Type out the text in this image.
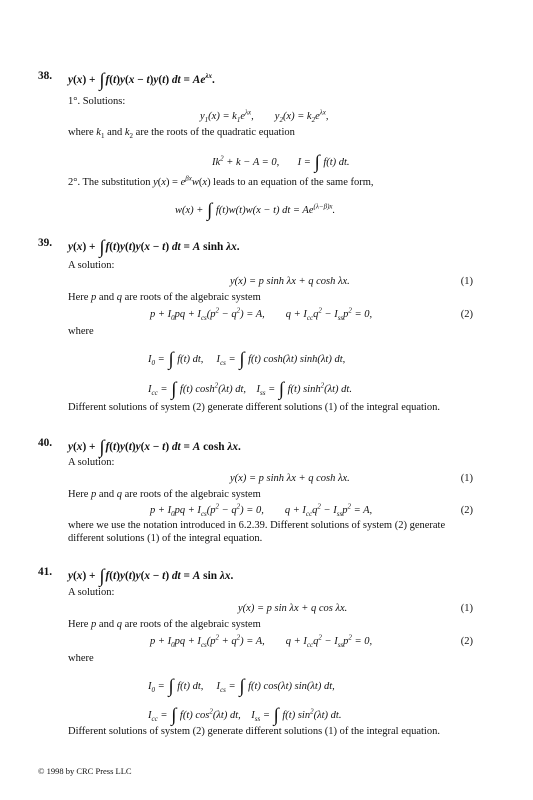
38. y(x) + ∫f(t)y(x − t)y(t) dt = $Ae^{\lambda x}$.
1°. Solutions:
$y_1(x) = k_1e^{\lambda x}$,        $y_2(x) = k_2e^{\lambda x}$,
where $k_1$ and $k_2$ are the roots of the quadratic equation
$Ik^2 + k - A = 0$,       I = ∫ f(t) dt.
2°. The substitution $y(x) = e^{\beta x}w(x)$ leads to an equation of the same form,
w(x) + ∫ f(t)w(t)w(x − t) dt = $Ae^{(\lambda-\beta)x}$.
39. y(x) + ∫f(t)y(t)y(x − t) dt = A sinh λx.
A solution:
y(x) = p sinh λx + q cosh λx.	(1)
Here p and q are roots of the algebraic system
$p + I_0pq + I_{cs}(p^2 - q^2) = A$,        $q + I_{cc}q^2 - I_{ss}p^2 = 0$,	(2)
where
$I_0$ = ∫ f(t) dt,     $I_{cs}$ = ∫ f(t) cosh(λt) sinh(λt) dt,
$I_{cc}$ = ∫ f(t) $\cosh^2(\lambda t)$ dt,    $I_{ss}$ = ∫ f(t) $\sinh^2(\lambda t)$ dt.
Different solutions of system (2) generate different solutions (1) of the integral equation.
40. y(x) + ∫f(t)y(t)y(x − t) dt = A cosh λx.
A solution:
y(x) = p sinh λx + q cosh λx.	(1)
Here p and q are roots of the algebraic system
$p + I_0pq + I_{cs}(p^2 - q^2) = 0$,        $q + I_{cc}q^2 - I_{ss}p^2 = A$,	(2)
where we use the notation introduced in 6.2.39. Different solutions of system (2) generate
different solutions (1) of the integral equation.
41. y(x) + ∫f(t)y(t)y(x − t) dt = A sin λx.
A solution:
y(x) = p sin λx + q cos λx.	(1)
Here p and q are roots of the algebraic system
$p + I_0pq + I_{cs}(p^2 + q^2) = A$,        $q + I_{cc}q^2 - I_{ss}p^2 = 0$,	(2)
where
$I_0$ = ∫ f(t) dt,     $I_{cs}$ = ∫ f(t) cos(λt) sin(λt) dt,
$I_{cc}$ = ∫ f(t) $\cos^2(\lambda t)$ dt,    $I_{ss}$ = ∫ f(t) $\sin^2(\lambda t)$ dt.
Different solutions of system (2) generate different solutions (1) of the integral equation.
© 1998 by CRC Press LLC
